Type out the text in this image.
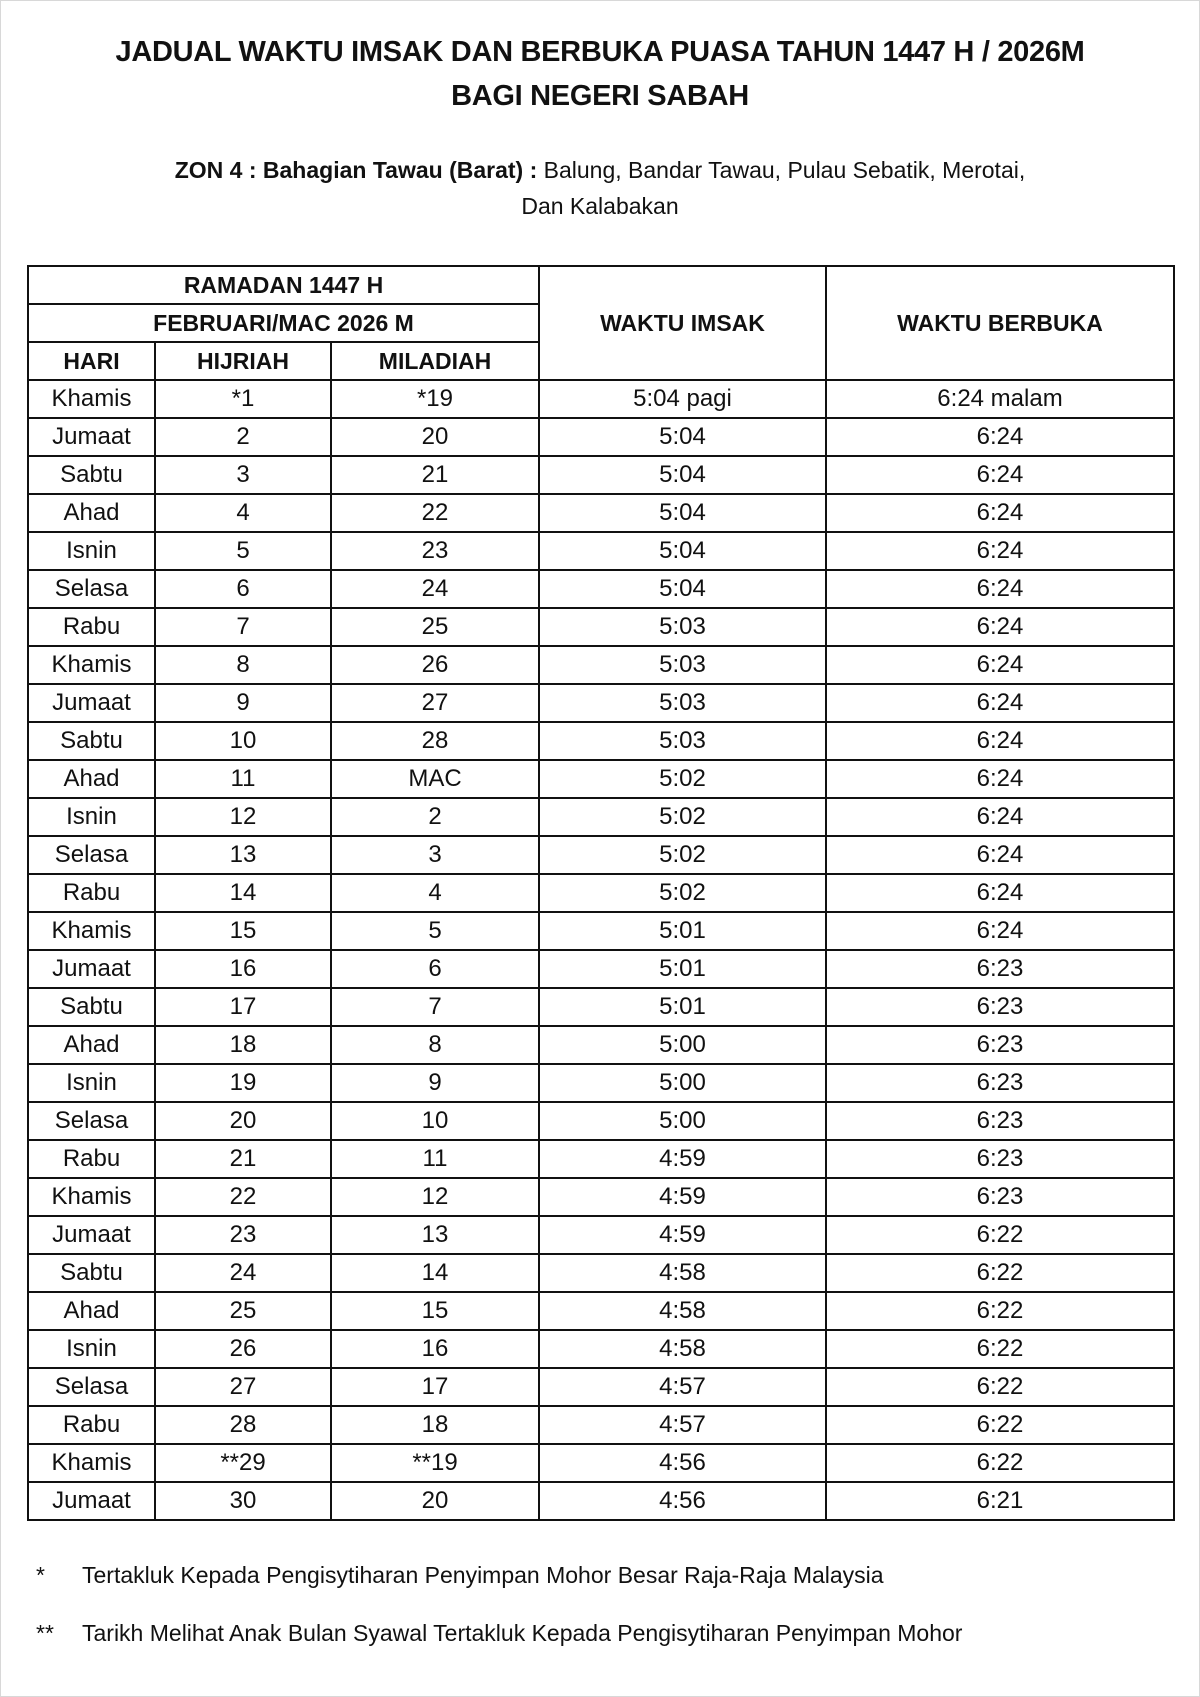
JADUAL WAKTU IMSAK DAN BERBUKA PUASA TAHUN 1447 H / 2026M
BAGI NEGERI SABAH
ZON 4 : Bahagian Tawau (Barat) : Balung, Bandar Tawau, Pulau Sebatik, Merotai,
Dan Kalabakan
RAMADAN 1447 H			WAKTU IMSAK	WAKTU BERBUKA
FEBRUARI/MAC 2026 M				
HARI	HIJRIAH	MILADIAH		
Khamis	*1	*19	5:04 pagi	6:24 malam
Jumaat	2	20	5:04	6:24
Sabtu	3	21	5:04	6:24
Ahad	4	22	5:04	6:24
Isnin	5	23	5:04	6:24
Selasa	6	24	5:04	6:24
Rabu	7	25	5:03	6:24
Khamis	8	26	5:03	6:24
Jumaat	9	27	5:03	6:24
Sabtu	10	28	5:03	6:24
Ahad	11	MAC	5:02	6:24
Isnin	12	2	5:02	6:24
Selasa	13	3	5:02	6:24
Rabu	14	4	5:02	6:24
Khamis	15	5	5:01	6:24
Jumaat	16	6	5:01	6:23
Sabtu	17	7	5:01	6:23
Ahad	18	8	5:00	6:23
Isnin	19	9	5:00	6:23
Selasa	20	10	5:00	6:23
Rabu	21	11	4:59	6:23
Khamis	22	12	4:59	6:23
Jumaat	23	13	4:59	6:22
Sabtu	24	14	4:58	6:22
Ahad	25	15	4:58	6:22
Isnin	26	16	4:58	6:22
Selasa	27	17	4:57	6:22
Rabu	28	18	4:57	6:22
Khamis	**29	**19	4:56	6:22
Jumaat	30	20	4:56	6:21
* Tertakluk Kepada Pengisytiharan Penyimpan Mohor Besar Raja-Raja Malaysia
** Tarikh Melihat Anak Bulan Syawal Tertakluk Kepada Pengisytiharan Penyimpan Mohor
